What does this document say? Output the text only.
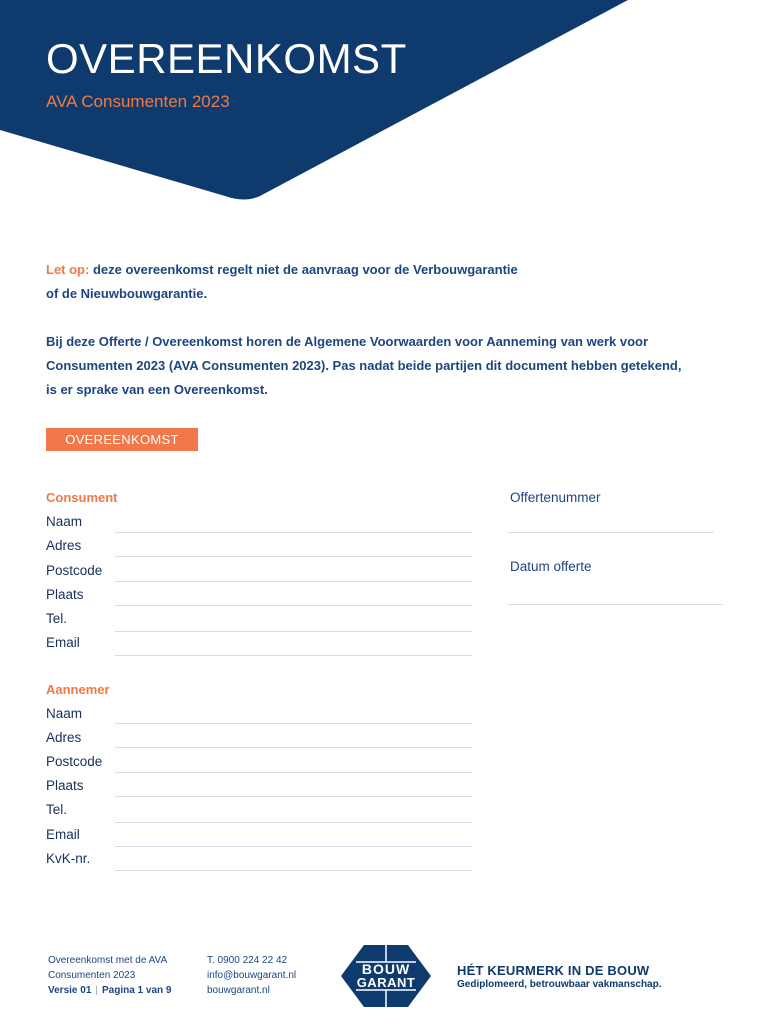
OVEREENKOMST
AVA Consumenten 2023
Let op: deze overeenkomst regelt niet de aanvraag voor de Verbouwgarantie
of de Nieuwbouwgarantie.
Bij deze Offerte / Overeenkomst horen de Algemene Voorwaarden voor Aanneming van werk voor
Consumenten 2023 (AVA Consumenten 2023). Pas nadat beide partijen dit document hebben getekend,
is er sprake van een Overeenkomst.
OVEREENKOMST
Consument
Naam
Adres
Postcode
Plaats
Tel.
Email
Offertenummer
Datum offerte
Aannemer
Naam
Adres
Postcode
Plaats
Tel.
Email
KvK-nr.
Overeenkomst met de AVA
Consumenten 2023
Versie 01 | Pagina 1 van 9
T. 0900 224 22 42
info@bouwgarant.nl
bouwgarant.nl
BOUW
GARANT
HÉT KEURMERK IN DE BOUW
Gediplomeerd, betrouwbaar vakmanschap.
